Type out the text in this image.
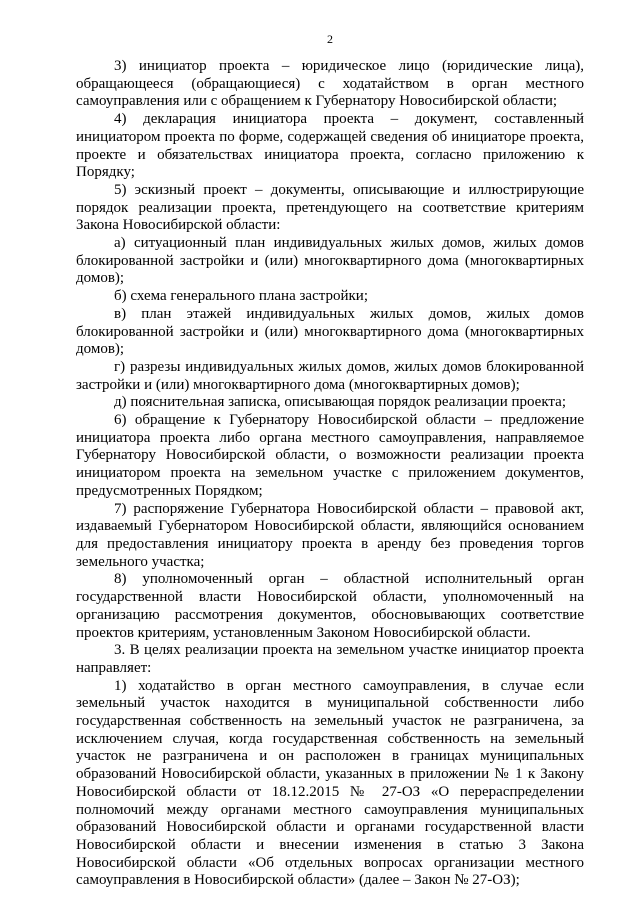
2

3) инициатор проекта – юридическое лицо (юридические лица), обращающееся (обращающиеся) с ходатайством в орган местного самоуправления или с обращением к Губернатору Новосибирской области;

4) декларация инициатора проекта – документ, составленный инициатором проекта по форме, содержащей сведения об инициаторе проекта, проекте и обязательствах инициатора проекта, согласно приложению к Порядку;

5) эскизный проект – документы, описывающие и иллюстрирующие порядок реализации проекта, претендующего на соответствие критериям Закона Новосибирской области:

а) ситуационный план индивидуальных жилых домов, жилых домов блокированной застройки и (или) многоквартирного дома (многоквартирных домов);

б) схема генерального плана застройки;

в) план этажей индивидуальных жилых домов, жилых домов блокированной застройки и (или) многоквартирного дома (многоквартирных домов);

г) разрезы индивидуальных жилых домов, жилых домов блокированной застройки и (или) многоквартирного дома (многоквартирных домов);

д) пояснительная записка, описывающая порядок реализации проекта;

6) обращение к Губернатору Новосибирской области – предложение инициатора проекта либо органа местного самоуправления, направляемое Губернатору Новосибирской области, о возможности реализации проекта инициатором проекта на земельном участке с приложением документов, предусмотренных Порядком;

7) распоряжение Губернатора Новосибирской области – правовой акт, издаваемый Губернатором Новосибирской области, являющийся основанием для предоставления инициатору проекта в аренду без проведения торгов земельного участка;

8) уполномоченный орган – областной исполнительный орган государственной власти Новосибирской области, уполномоченный на организацию рассмотрения документов, обосновывающих соответствие проектов критериям, установленным Законом Новосибирской области.

3. В целях реализации проекта на земельном участке инициатор проекта направляет:

1) ходатайство в орган местного самоуправления, в случае если земельный участок находится в муниципальной собственности либо государственная собственность на земельный участок не разграничена, за исключением случая, когда государственная собственность на земельный участок не разграничена и он расположен в границах муниципальных образований Новосибирской области, указанных в приложении № 1 к Закону Новосибирской области от 18.12.2015 № 27-ОЗ «О перераспределении полномочий между органами местного самоуправления муниципальных образований Новосибирской области и органами государственной власти Новосибирской области и внесении изменения в статью 3 Закона Новосибирской области «Об отдельных вопросах организации местного самоуправления в Новосибирской области» (далее – Закон № 27-ОЗ);
